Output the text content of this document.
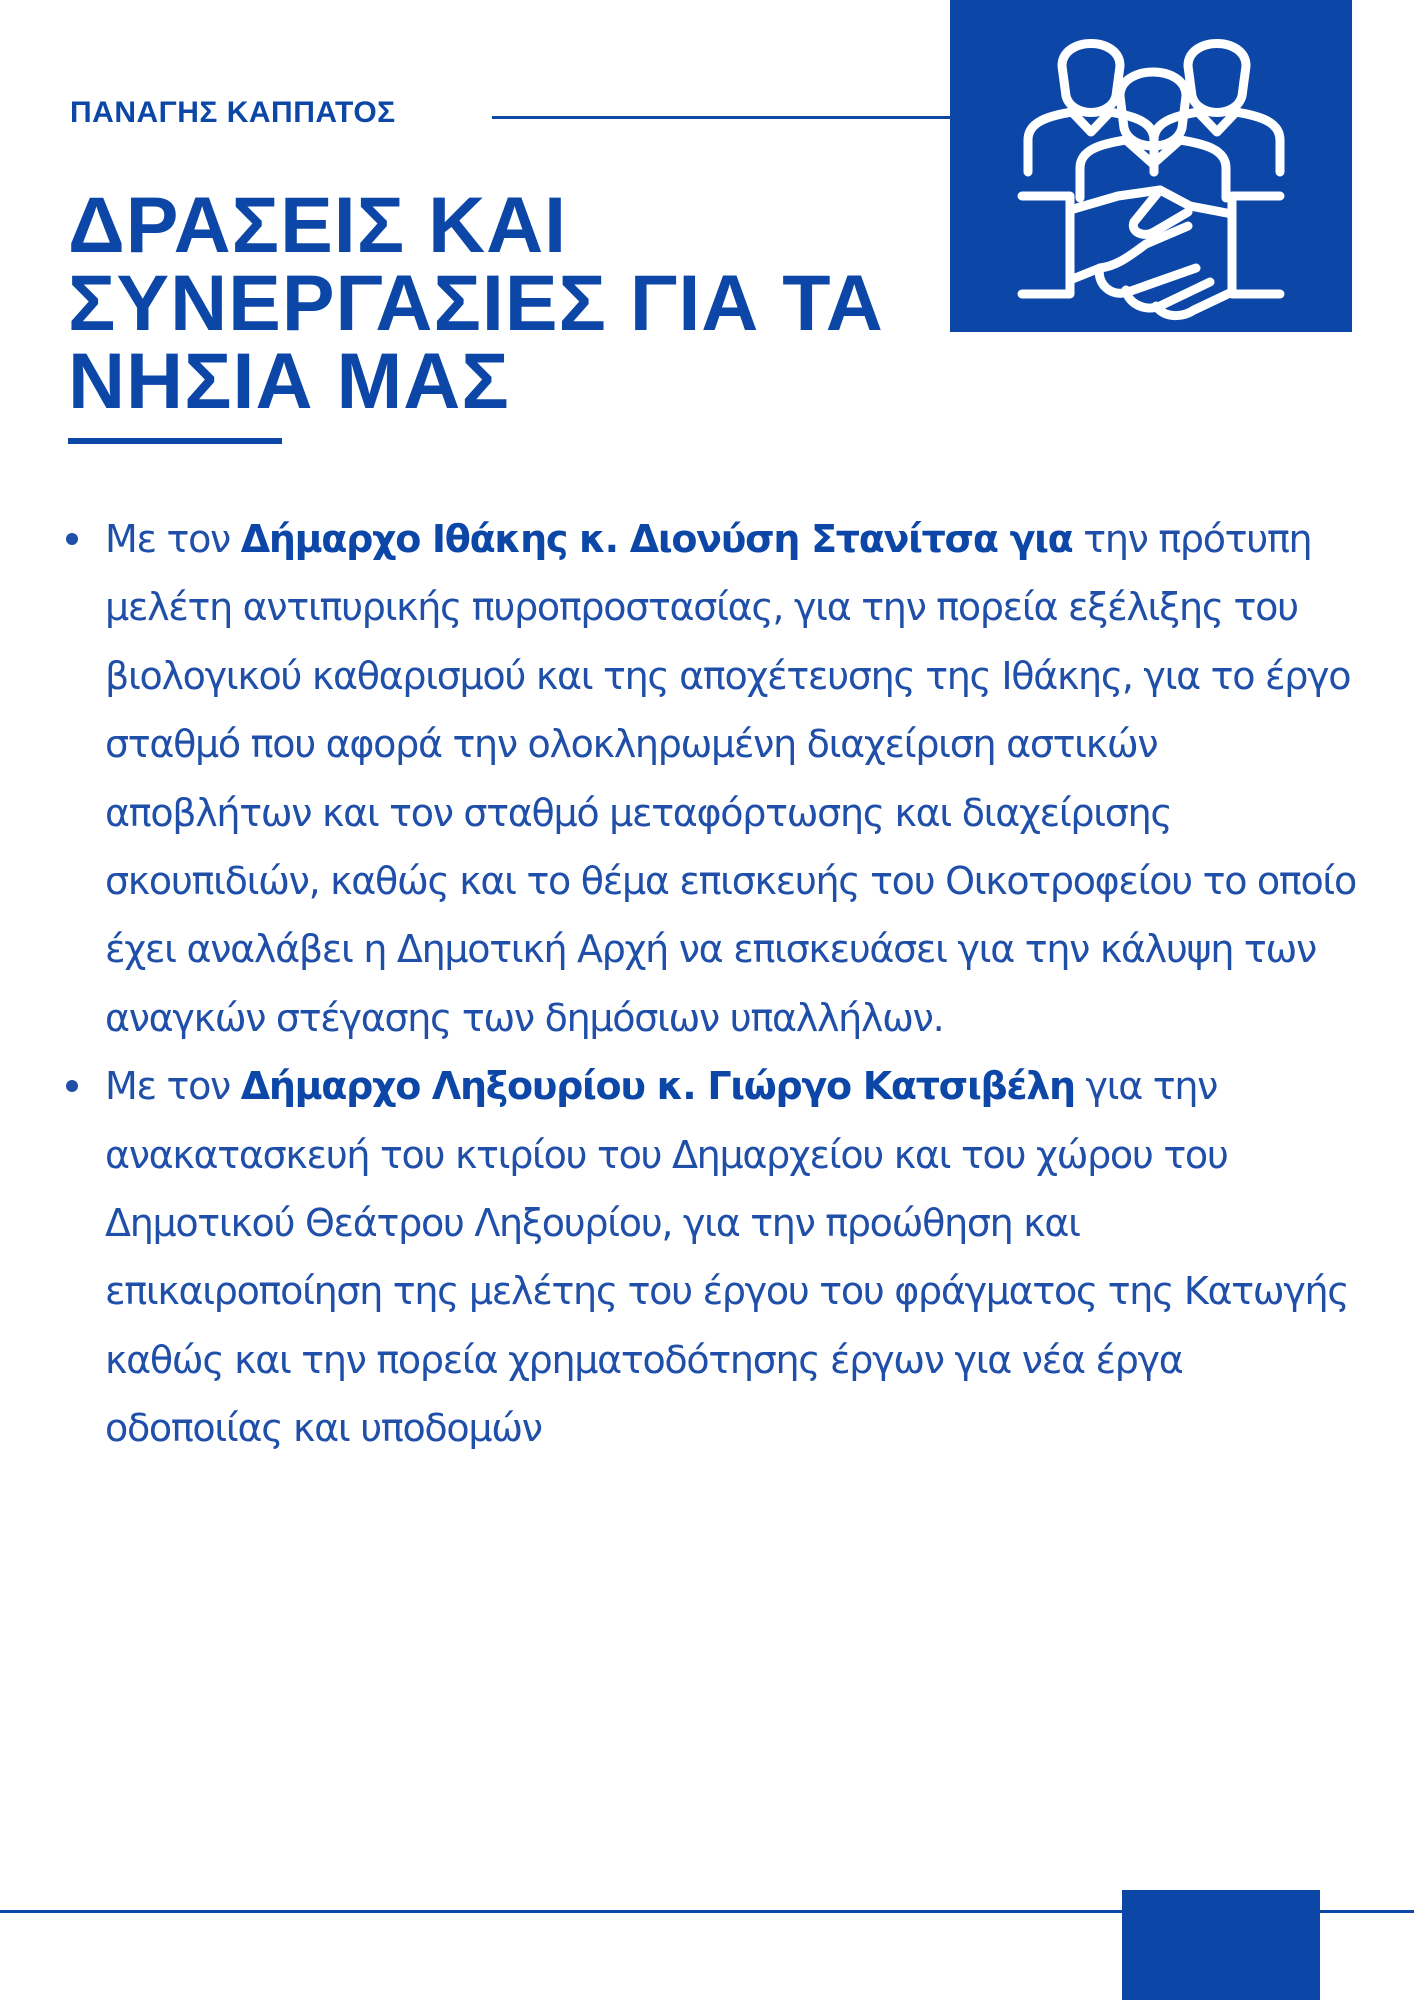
ΠΑΝΑΓΗΣ ΚΑΠΠΑΤΟΣ
ΔΡΑΣΕΙΣ ΚΑΙ
ΣΥΝΕΡΓΑΣΙΕΣ ΓΙΑ ΤΑ
ΝΗΣΙΑ ΜΑΣ
Με τον Δήμαρχο Ιθάκης κ. Διονύση Στανίτσα για την πρότυπη μελέτη αντιπυρικής πυροπροστασίας, για την πορεία εξέλιξης του βιολογικού καθαρισμού και της αποχέτευσης της Ιθάκης, για το έργο σταθμό που αφορά την ολοκληρωμένη διαχείριση αστικών αποβλήτων και τον σταθμό μεταφόρτωσης και διαχείρισης σκουπιδιών, καθώς και το θέμα επισκευής του Οικοτροφείου το οποίο έχει αναλάβει η Δημοτική Αρχή να επισκευάσει για την κάλυψη των αναγκών στέγασης των δημόσιων υπαλλήλων.
Με τον Δήμαρχο Ληξουρίου κ. Γιώργο Κατσιβέλη για την ανακατασκευή του κτιρίου του Δημαρχείου και του χώρου του Δημοτικού Θεάτρου Ληξουρίου, για την προώθηση και επικαιροποίηση της μελέτης του έργου του φράγματος της Κατωγής καθώς και την πορεία χρηματοδότησης έργων για νέα έργα οδοποιίας και υποδομών
